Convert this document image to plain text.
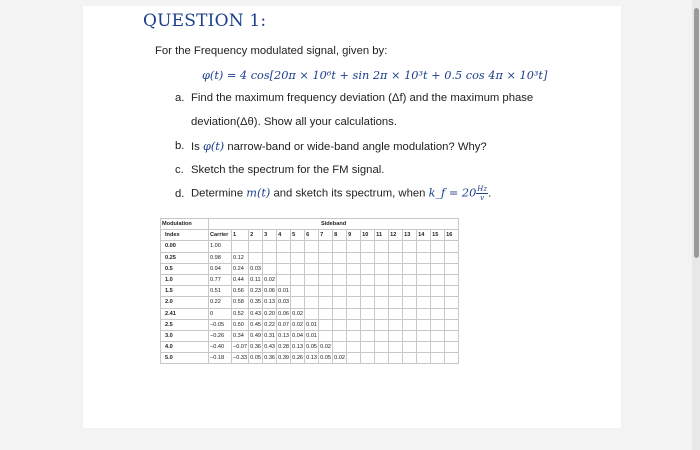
QUESTION 1:
For the Frequency modulated signal, given by:
φ(t) = 4 cos[20π × 10⁶t + sin 2π × 10³t + 0.5 cos 4π × 10³t]
a. Find the maximum frequency deviation (Δf) and the maximum phase
deviation(Δθ). Show all your calculations.
b. Is φ(t) narrow-band or wide-band angle modulation? Why?
c. Sketch the spectrum for the FM signal.
d. Determine m(t) and sketch its spectrum, when k_f = $20 \frac{Hz}{v}$ .
Modulation	Sideband																
Index	Carrier	1	2	3	4	5	6	7	8	9	10	11	12	13	14	15	16
0.00	1.00																
0.25	0.98	0.12															
0.5	0.94	0.24	0.03														
1.0	0.77	0.44	0.11	0.02													
1.5	0.51	0.56	0.23	0.06	0.01												
2.0	0.22	0.58	0.35	0.13	0.03												
2.41	0	0.52	0.43	0.20	0.06	0.02											
2.5	−0.05	0.50	0.45	0.22	0.07	0.02	0.01										
3.0	−0.26	0.34	0.49	0.31	0.13	0.04	0.01										
4.0	−0.40	−0.07	0.36	0.43	0.28	0.13	0.05	0.02									
5.0	−0.18	−0.33	0.05	0.36	0.39	0.26	0.13	0.05	0.02								
